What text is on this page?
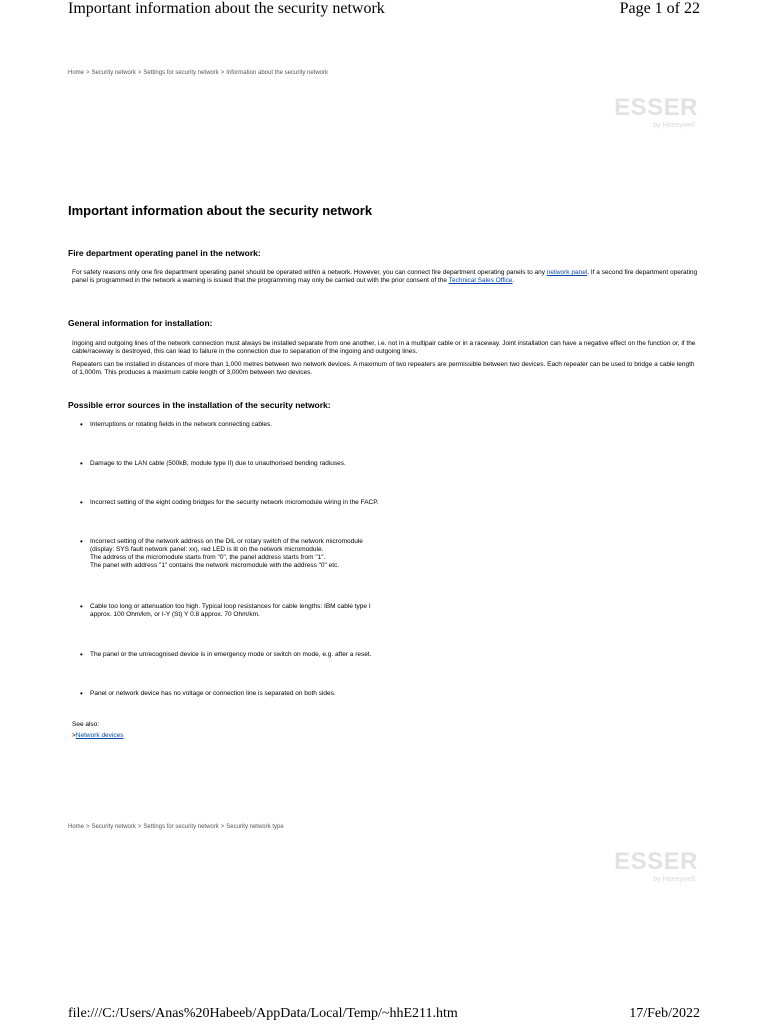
Important information about the security network	Page 1 of 22
Home > Security network > Settings for security network > Information about the security network
ESSER
by Honeywell
Important information about the security network
Fire department operating panel in the network:
For safety reasons only one fire department operating panel should be operated within a network. However, you can connect fire department operating panels to any network panel. If a second fire department operating panel is programmed in the network a warning is issued that the programming may only be carried out with the prior consent of the Technical Sales Office.
General information for installation:
Ingoing and outgoing lines of the network connection must always be installed separate from one another, i.e. not in a multipair cable or in a raceway. Joint installation can have a negative effect on the function or, if the cable/raceway is destroyed, this can lead to failure in the connection due to separation of the ingoing and outgoing lines.
Repeaters can be installed in distances of more than 1,000 metres between two network devices. A maximum of two repeaters are permissible between two devices. Each repeater can be used to bridge a cable length of 1,000m. This produces a maximum cable length of 3,000m between two devices.
Possible error sources in the installation of the security network:
• Interruptions or rotating fields in the network connecting cables.
• Damage to the LAN cable (500kB, module type II) due to unauthorised bending radiuses.
• Incorrect setting of the eight coding bridges for the security network micromodule wiring in the FACP.
• Incorrect setting of the network address on the DIL or rotary switch of the network micromodule
(display: SYS fault network panel: xx), red LED is lit on the network micromodule.
The address of the micromodule starts from "0", the panel address starts from "1".
The panel with address "1" contains the network micromodule with the address "0" etc.
• Cable too long or attenuation too high. Typical loop resistances for cable lengths: IBM cable type I
approx. 100 Ohm/km, or I-Y (St) Y 0.8 approx. 70 Ohm/km.
• The panel or the unrecognised device is in emergency mode or switch on mode, e.g. after a reset.
• Panel or network device has no voltage or connection line is separated on both sides.
See also:
>Network devices
Home > Security network > Settings for security network > Security network type
ESSER
by Honeywell
file:///C:/Users/Anas%20Habeeb/AppData/Local/Temp/~hhE211.htm	17/Feb/2022
